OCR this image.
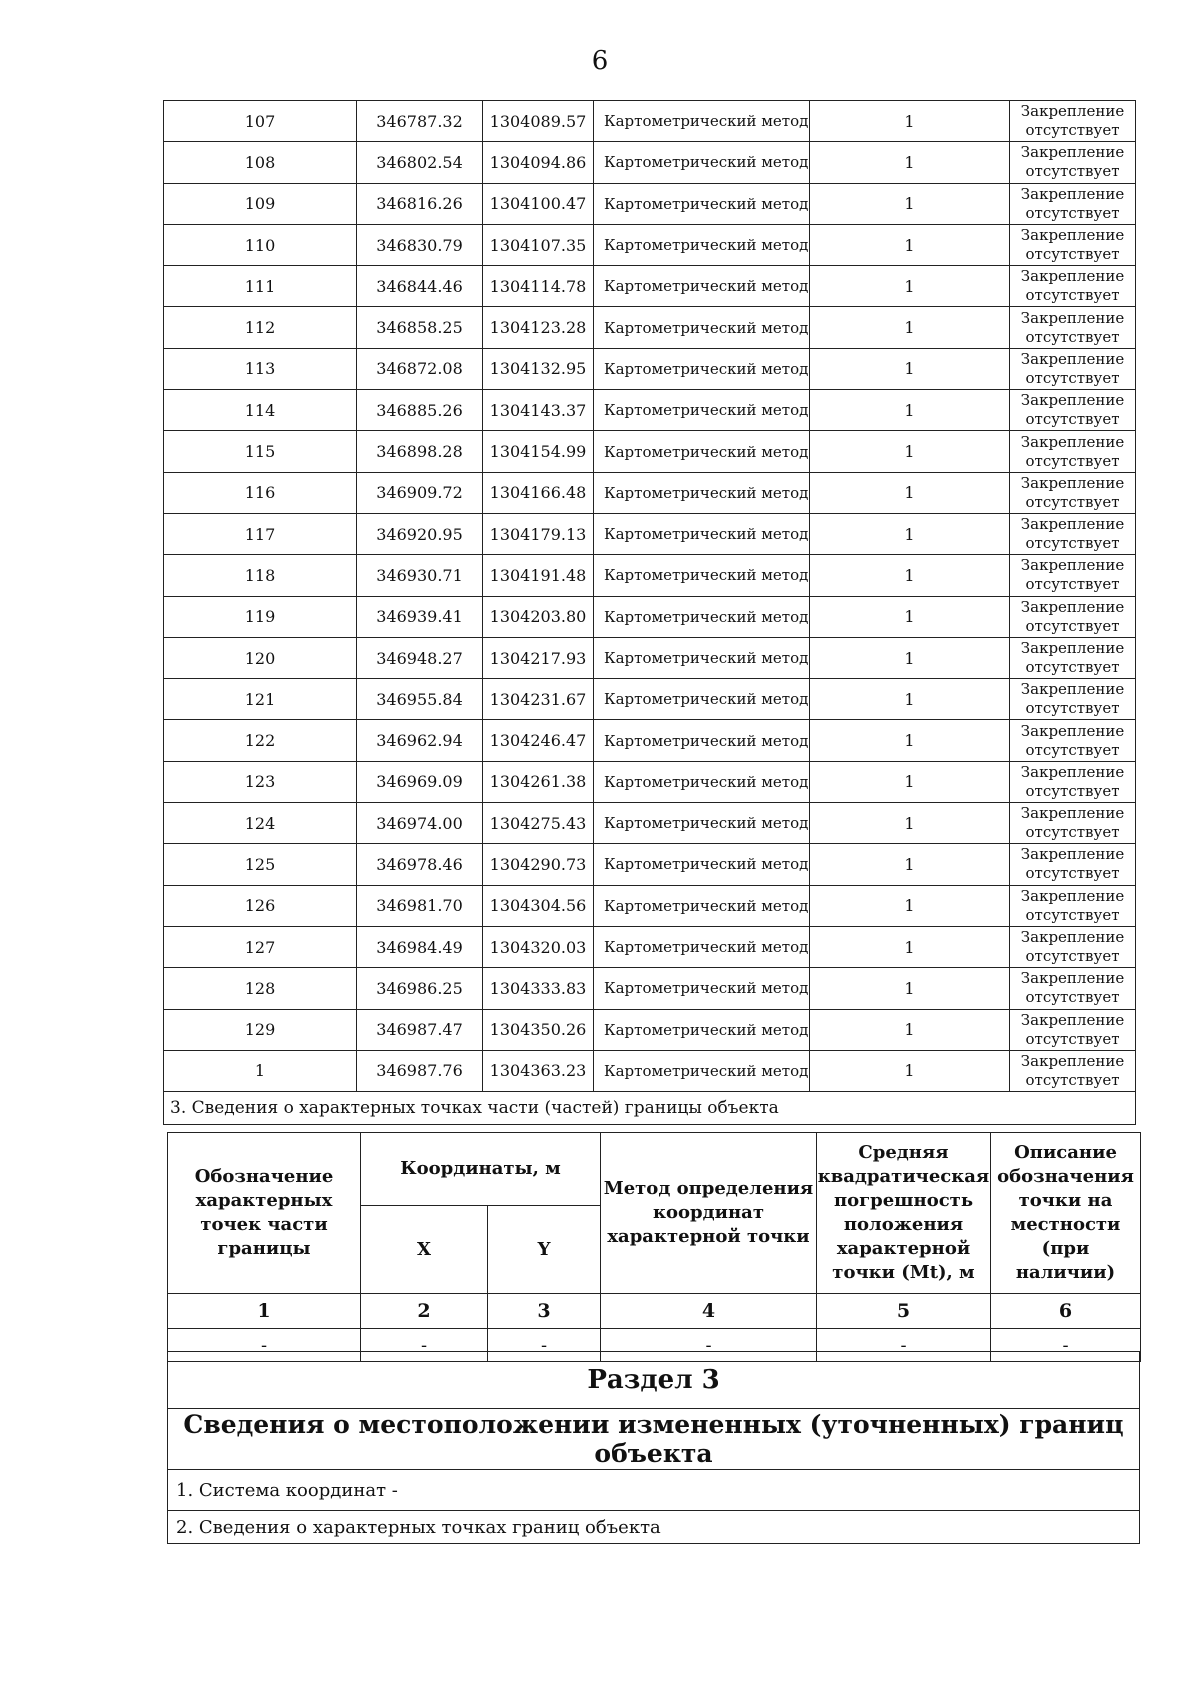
6
107	346787.32	1304089.57	Картометрический метод	1	Закрепление
отсутствует

108	346802.54	1304094.86	Картометрический метод	1	Закрепление
отсутствует

109	346816.26	1304100.47	Картометрический метод	1	Закрепление
отсутствует

110	346830.79	1304107.35	Картометрический метод	1	Закрепление
отсутствует

111	346844.46	1304114.78	Картометрический метод	1	Закрепление
отсутствует

112	346858.25	1304123.28	Картометрический метод	1	Закрепление
отсутствует

113	346872.08	1304132.95	Картометрический метод	1	Закрепление
отсутствует

114	346885.26	1304143.37	Картометрический метод	1	Закрепление
отсутствует

115	346898.28	1304154.99	Картометрический метод	1	Закрепление
отсутствует

116	346909.72	1304166.48	Картометрический метод	1	Закрепление
отсутствует

117	346920.95	1304179.13	Картометрический метод	1	Закрепление
отсутствует

118	346930.71	1304191.48	Картометрический метод	1	Закрепление
отсутствует

119	346939.41	1304203.80	Картометрический метод	1	Закрепление
отсутствует

120	346948.27	1304217.93	Картометрический метод	1	Закрепление
отсутствует

121	346955.84	1304231.67	Картометрический метод	1	Закрепление
отсутствует

122	346962.94	1304246.47	Картометрический метод	1	Закрепление
отсутствует

123	346969.09	1304261.38	Картометрический метод	1	Закрепление
отсутствует

124	346974.00	1304275.43	Картометрический метод	1	Закрепление
отсутствует

125	346978.46	1304290.73	Картометрический метод	1	Закрепление
отсутствует

126	346981.70	1304304.56	Картометрический метод	1	Закрепление
отсутствует

127	346984.49	1304320.03	Картометрический метод	1	Закрепление
отсутствует

128	346986.25	1304333.83	Картометрический метод	1	Закрепление
отсутствует

129	346987.47	1304350.26	Картометрический метод	1	Закрепление
отсутствует

1	346987.76	1304363.23	Картометрический метод	1	Закрепление
отсутствует

3. Сведения о характерных точках части (частей) границы объекта					
Обозначение характерных точек части границы	Координаты, м		Метод определения координат характерной точки	Средняя квадратическая погрешность положения характерной точки (Mt), м	Описание обозначения точки на местности (при наличии)
	X	Y			
1	2	3	4	5	6
-	-	-	-	-	-
Раздел 3
Сведения о местоположении измененных (уточненных) границ объекта
1. Система координат -
2. Сведения о характерных точках границ объекта
